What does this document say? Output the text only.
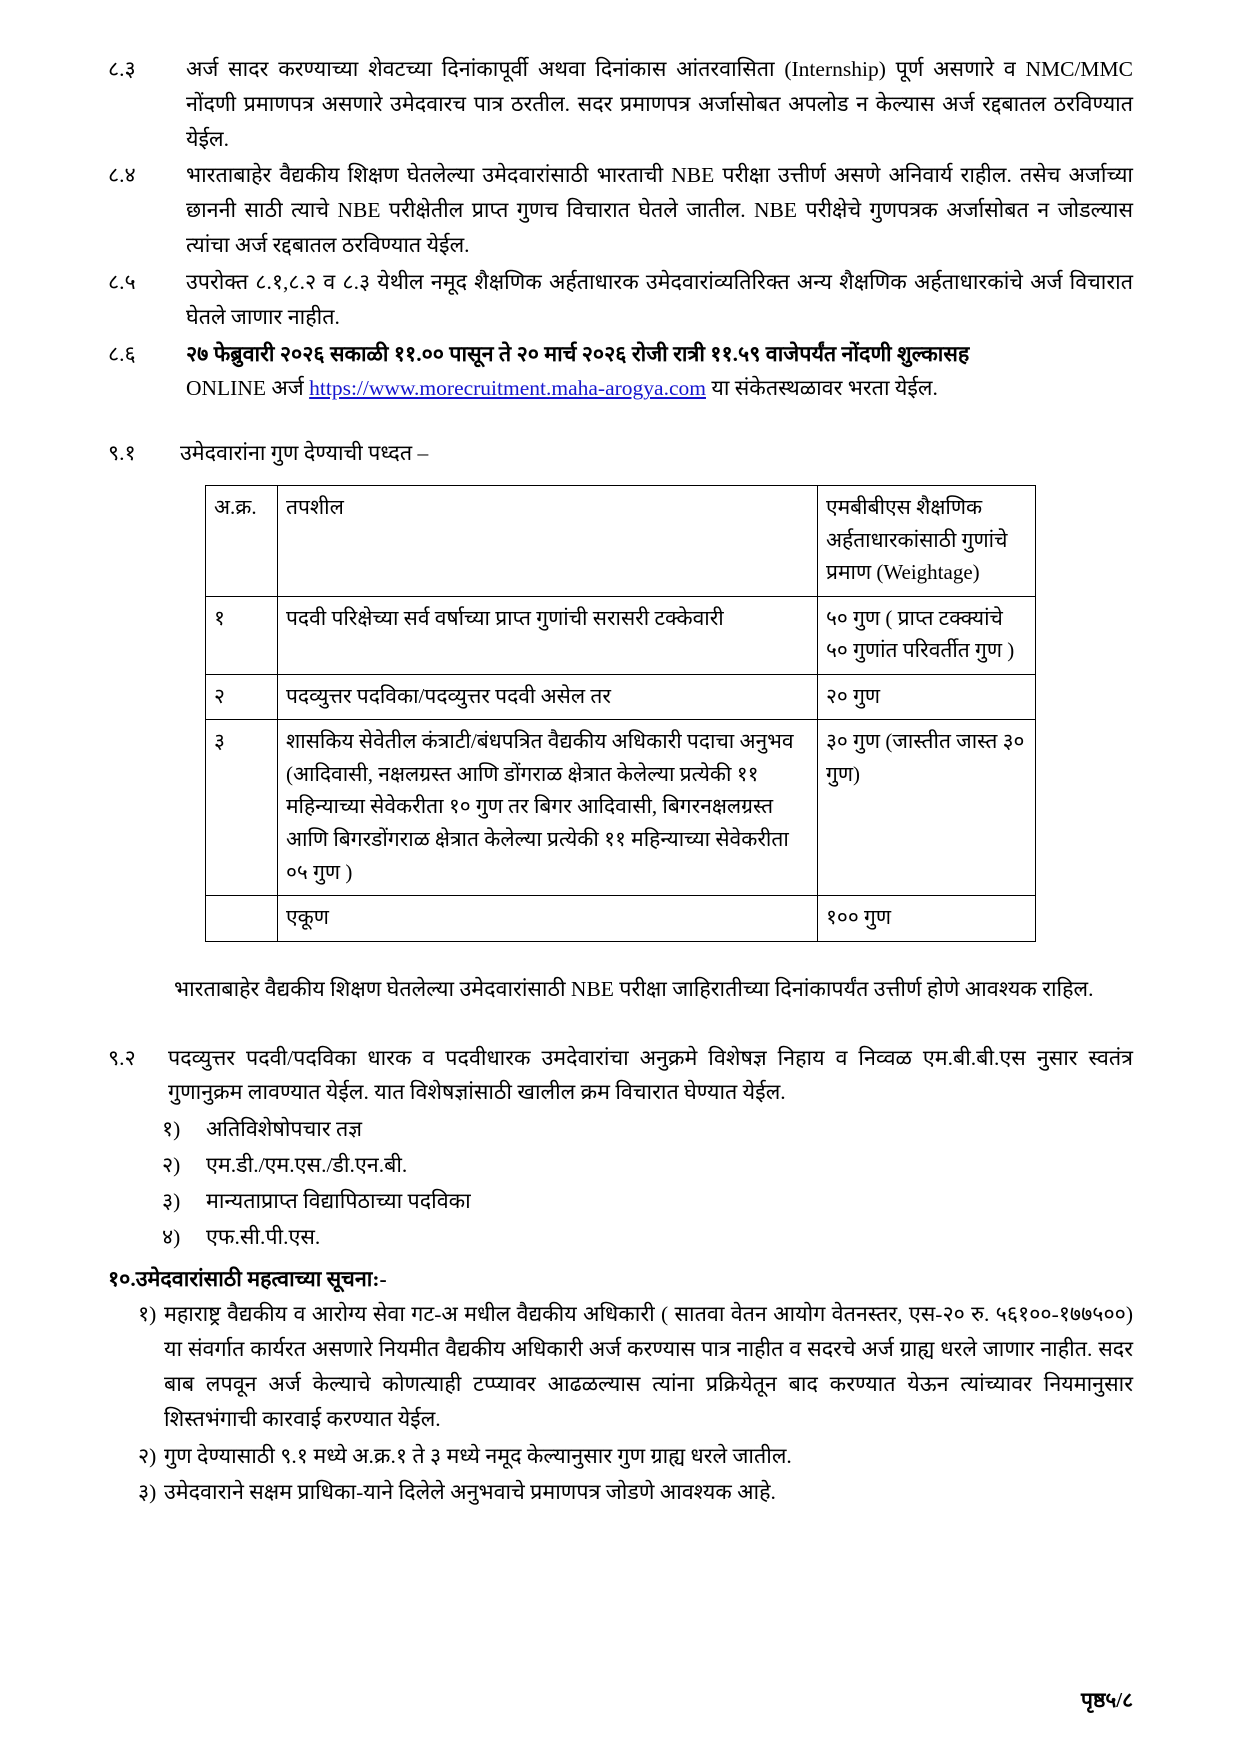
८.३	अर्ज सादर करण्याच्या शेवटच्या दिनांकापूर्वी अथवा दिनांकास आंतरवासिता (Internship) पूर्ण असणारे व NMC/MMC नोंदणी प्रमाणपत्र असणारे उमेदवारच पात्र ठरतील. सदर प्रमाणपत्र अर्जासोबत अपलोड न केल्यास अर्ज रद्दबातल ठरविण्यात येईल.
८.४	भारताबाहेर वैद्यकीय शिक्षण घेतलेल्या उमेदवारांसाठी भारताची NBE परीक्षा उत्तीर्ण असणे अनिवार्य राहील. तसेच अर्जाच्या छाननी साठी त्याचे NBE परीक्षेतील प्राप्त गुणच विचारात घेतले जातील. NBE परीक्षेचे गुणपत्रक अर्जासोबत न जोडल्यास त्यांचा अर्ज रद्दबातल ठरविण्यात येईल.
८.५	उपरोक्त ८.१,८.२ व ८.३ येथील नमूद शैक्षणिक अर्हताधारक उमेदवारांव्यतिरिक्त अन्य शैक्षणिक अर्हताधारकांचे अर्ज विचारात घेतले जाणार नाहीत.
८.६	२७ फेब्रुवारी २०२६ सकाळी ११.०० पासून ते २० मार्च २०२६ रोजी रात्री ११.५९ वाजेपर्यंत नोंदणी शुल्कासह
ONLINE अर्ज https://www.morecruitment.maha-arogya.com या संकेतस्थळावर भरता येईल.
९.१	उमेदवारांना गुण देण्याची पध्दत –
अ.क्र.	तपशील	एमबीबीएस शैक्षणिक अर्हताधारकांसाठी गुणांचे प्रमाण (Weightage)
१	पदवी परिक्षेच्या सर्व वर्षाच्या प्राप्त गुणांची सरासरी टक्केवारी	५० गुण ( प्राप्त टक्क्यांचे ५० गुणांत परिवर्तीत गुण )
२	पदव्युत्तर पदविका/पदव्युत्तर पदवी असेल तर	२० गुण
३	शासकिय सेवेतील कंत्राटी/बंधपत्रित वैद्यकीय अधिकारी पदाचा अनुभव (आदिवासी, नक्षलग्रस्त आणि डोंगराळ क्षेत्रात केलेल्या प्रत्येकी ११ महिन्याच्या सेवेकरीता १० गुण तर बिगर आदिवासी, बिगरनक्षलग्रस्त आणि बिगरडोंगराळ क्षेत्रात केलेल्या प्रत्येकी ११ महिन्याच्या सेवेकरीता ०५ गुण )	३० गुण (जास्तीत जास्त ३० गुण)
	एकूण	१०० गुण
भारताबाहेर वैद्यकीय शिक्षण घेतलेल्या उमेदवारांसाठी NBE परीक्षा जाहिरातीच्या दिनांकापर्यंत उत्तीर्ण होणे आवश्यक राहिल.
९.२	पदव्युत्तर पदवी/पदविका धारक व पदवीधारक उमदेवारांचा अनुक्रमे विशेषज्ञ निहाय व निव्वळ एम.बी.बी.एस नुसार स्वतंत्र गुणानुक्रम लावण्यात येईल. यात विशेषज्ञांसाठी खालील क्रम विचारात घेण्यात येईल.
१)	अतिविशेषोपचार तज्ञ
२)	एम.डी./एम.एस./डी.एन.बी.
३)	मान्यताप्राप्त विद्यापिठाच्या पदविका
४)	एफ.सी.पी.एस.
१०.उमेदवारांसाठी महत्वाच्या सूचना:-
१) महाराष्ट्र वैद्यकीय व आरोग्य सेवा गट-अ मधील वैद्यकीय अधिकारी ( सातवा वेतन आयोग वेतनस्तर, एस-२० रु. ५६१००-१७७५००) या संवर्गात कार्यरत असणारे नियमीत वैद्यकीय अधिकारी अर्ज करण्यास पात्र नाहीत व सदरचे अर्ज ग्राह्य धरले जाणार नाहीत. सदर बाब लपवून अर्ज केल्याचे कोणत्याही टप्प्यावर आढळल्यास त्यांना प्रक्रियेतून बाद करण्यात येऊन त्यांच्यावर नियमानुसार शिस्तभंगाची कारवाई करण्यात येईल.
२) गुण देण्यासाठी ९.१ मध्ये अ.क्र.१ ते ३ मध्ये नमूद केल्यानुसार गुण ग्राह्य धरले जातील.
३) उमेदवाराने सक्षम प्राधिका-याने दिलेले अनुभवाचे प्रमाणपत्र जोडणे आवश्यक आहे.
पृष्ठ५/८
